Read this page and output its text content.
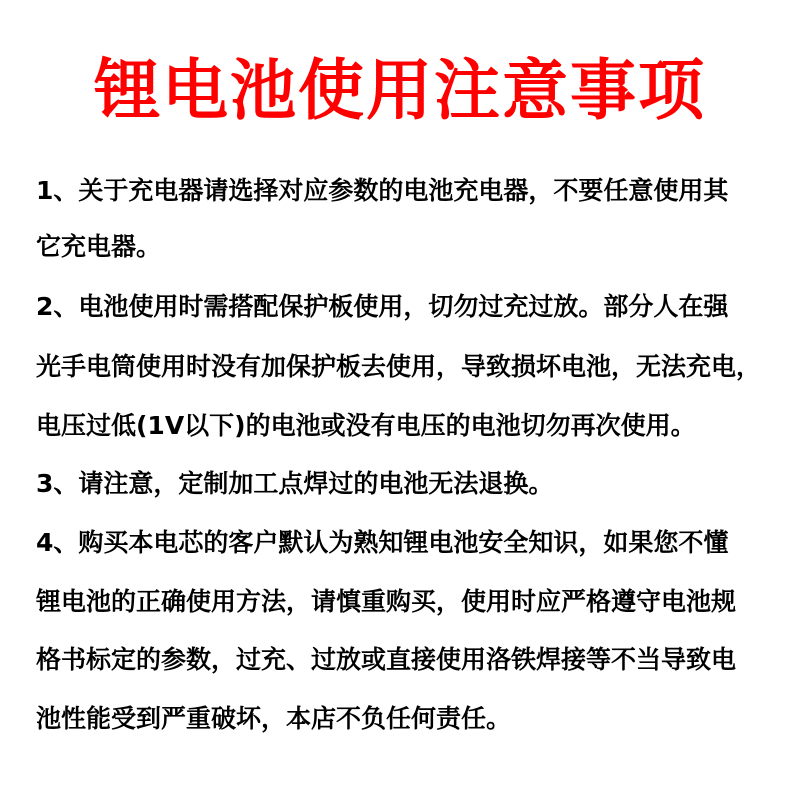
锂电池使用注意事项
1、关于充电器请选择对应参数的电池充电器，不要任意使用其
它充电器。
2、电池使用时需搭配保护板使用，切勿过充过放。部分人在强
光手电筒使用时没有加保护板去使用，导致损坏电池，无法充电，
电压过低(1V以下)的电池或没有电压的电池切勿再次使用。
3、请注意，定制加工点焊过的电池无法退换。
4、购买本电芯的客户默认为熟知锂电池安全知识，如果您不懂
锂电池的正确使用方法，请慎重购买，使用时应严格遵守电池规
格书标定的参数，过充、过放或直接使用洛铁焊接等不当导致电
池性能受到严重破坏，本店不负任何责任。
